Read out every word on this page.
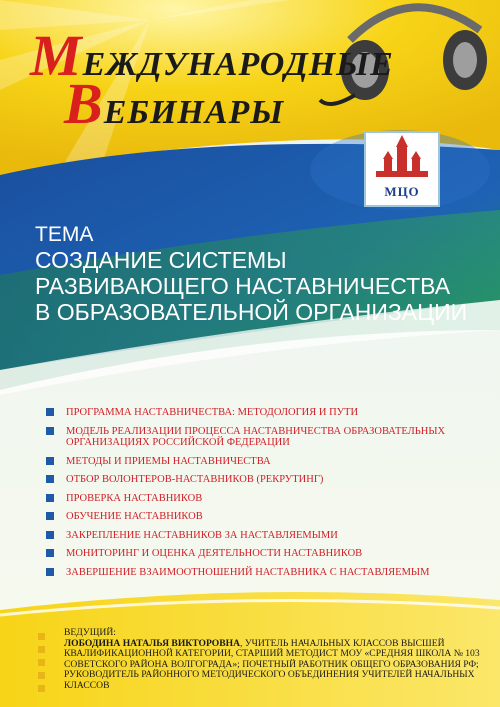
МЕЖДУНАРОДНЫЕ
ВЕБИНАРЫ
МЦО
ТЕМА
СОЗДАНИЕ СИСТЕМЫ
РАЗВИВАЮЩЕГО НАСТАВНИЧЕСТВА
В ОБРАЗОВАТЕЛЬНОЙ ОРГАНИЗАЦИИ
ПРОГРАММА НАСТАВНИЧЕСТВА: МЕТОДОЛОГИЯ И ПУТИ
МОДЕЛЬ РЕАЛИЗАЦИИ ПРОЦЕССА НАСТАВНИЧЕСТВА ОБРАЗОВАТЕЛЬНЫХ ОРГАНИЗАЦИЯХ РОССИЙСКОЙ ФЕДЕРАЦИИ
МЕТОДЫ И ПРИЕМЫ НАСТАВНИЧЕСТВА
ОТБОР ВОЛОНТЕРОВ-НАСТАВНИКОВ (РЕКРУТИНГ)
ПРОВЕРКА НАСТАВНИКОВ
ОБУЧЕНИЕ НАСТАВНИКОВ
ЗАКРЕПЛЕНИЕ НАСТАВНИКОВ ЗА НАСТАВЛЯЕМЫМИ
МОНИТОРИНГ И ОЦЕНКА ДЕЯТЕЛЬНОСТИ НАСТАВНИКОВ
ЗАВЕРШЕНИЕ ВЗАИМООТНОШЕНИЙ НАСТАВНИКА С НАСТАВЛЯЕМЫМ
ВЕДУЩИЙ:
ЛОБОДИНА НАТАЛЬЯ ВИКТОРОВНА, УЧИТЕЛЬ НАЧАЛЬНЫХ КЛАССОВ ВЫСШЕЙ КВАЛИФИКАЦИОННОЙ КАТЕГОРИИ, СТАРШИЙ МЕТОДИСТ МОУ «СРЕДНЯЯ ШКОЛА № 103 СОВЕТСКОГО РАЙОНА ВОЛГОГРАДА»; ПОЧЕТНЫЙ РАБОТНИК ОБЩЕГО ОБРАЗОВАНИЯ РФ; РУКОВОДИТЕЛЬ РАЙОННОГО МЕТОДИЧЕСКОГО ОБЪЕДИНЕНИЯ УЧИТЕЛЕЙ НАЧАЛЬНЫХ КЛАССОВ
